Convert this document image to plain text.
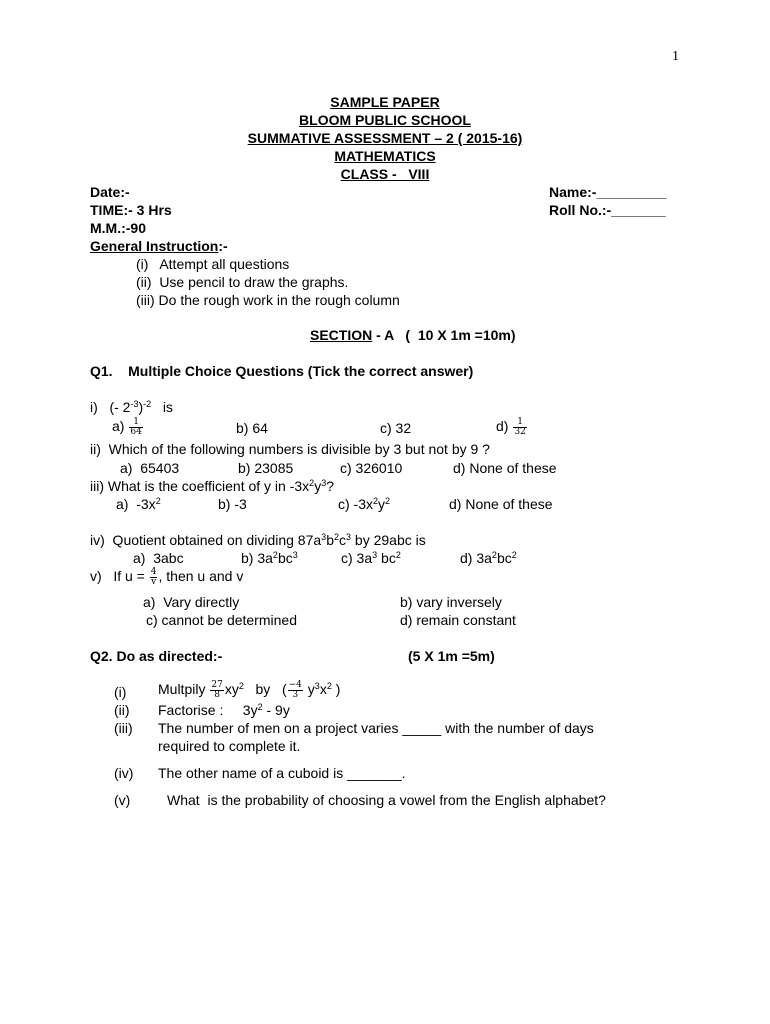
1
SAMPLE PAPER
BLOOM PUBLIC SCHOOL
SUMMATIVE ASSESSMENT – 2 ( 2015-16)
MATHEMATICS
CLASS -   VIII
Date:-	Name:-_________
TIME:- 3 Hrs	Roll No.:-_______
M.M.:-90
General Instruction:-
(i)   Attempt all questions
(ii)  Use pencil to draw the graphs.
(iii) Do the rough work in the rough column
SECTION - A   (  10 X 1m =10m)
Q1.    Multiple Choice Questions (Tick the correct answer)
i)   (- $2^{-3})^{-2}$   is
$a) \frac{1}{64}$	b) 64	c) 32	$d) \frac{1}{32}$
ii)  Which of the following numbers is divisible by 3 but not by 9 ?
a)  65403	b) 23085	c) 326010	d) None of these
iii) What is the coefficient of y in $-3x^2y^3$?
a)  $-3x^2$	b) -3	c) $-3x^2y^2$	d) None of these
iv)  Quotient obtained on dividing $87a^3b^2c^3$ by 29abc is
a)  3abc	b) $3a^2bc^3$	c) $3a^3$ $bc^2$	d) $3a^2bc^2$
v)   If $u = \frac{4}{v}$ , then u and v
a)  Vary directly	b) vary inversely
c) cannot be determined	d) remain constant
Q2. Do as directed:-	(5 X 1m =5m)
(i) Multpily $\frac{27}{8} xy^2$   by   ( $\frac{-4}{3} y^3x^2$ )
(ii) Factorise :     $3y^2 - 9y$
(iii) The number of men on a project varies _____ with the number of days
required to complete it.
(iv) The other name of a cuboid is _______.
(v)	What  is the probability of choosing a vowel from the English alphabet?
